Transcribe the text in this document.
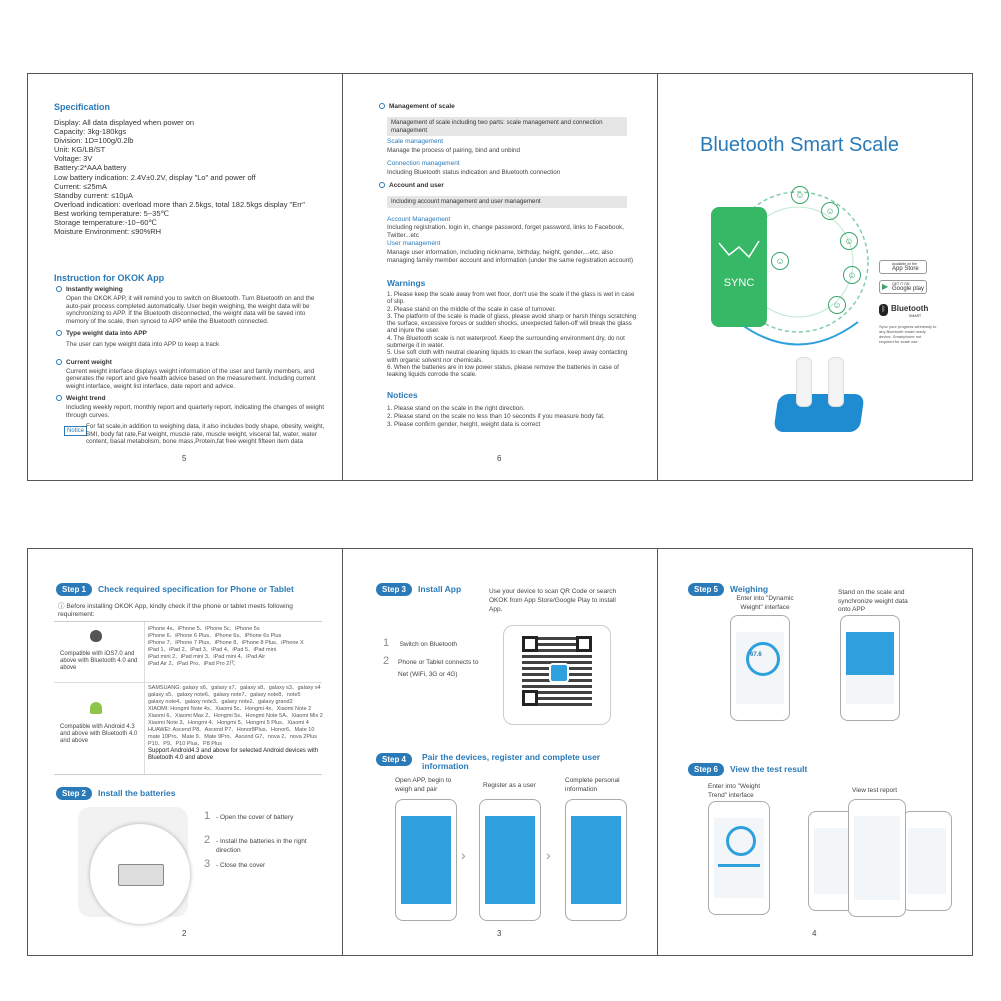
Specification
Display: All data displayed when power on
Capacity: 3kg-180kgs
Division: 1D=100g/0.2lb
Unit: KG/LB/ST
Voltage: 3V
Battery:2*AAA battery
Low battery indication: 2.4V±0.2V, display "Lo" and power off
Current: ≤25mA
Standby current: ≤10μA
Overload indication: overload more than 2.5kgs, total 182.5kgs display "Err"
Best working temperature: 5~35℃
Storage temperature:-10~60℃
Moisture Environment: ≤90%RH
Instruction for OKOK App
Instantly weighing
Open the OKOK APP, it will remind you to switch on Bluetooth. Turn Bluetooth on and the auto-pair process completed automatically. User begin weighing, the weight data will be synchronizing to APP. If the Bluetooth disconnected, the weight data will be saved into memory of the scale, then synced to APP while the Bluetooth connected.
Type weight data into APP
The user can type weight data into APP to keep a track
Current weight
Current weight interface displays weight information of the user and family members, and generates the report and give health advice based on the measurement. Including current weight interface, weight list interface, date report and advice.
Weight trend
Including weekly report, monthly report and quarterly report, indicating the changes of weight through curves.
Notice
For fat scale,in addition to weighing data, it also includes body shape, obesity, weight, BMI, body fat rate,Fat weight, muscle rate, muscle weight, visceral fat, water, water content, basal metabolism, bone mass,Protein,fat free weight fifteen item data
5
Management of scale
Management of scale including two parts: scale management and connection management
Scale management
Manage the process of pairing, bind and unbind
Connection management
Including Bluetooth status indication and Bluetooth connection
Account and user
Including account management and user management
Account Management
Including registration, login in, change password, forget password, links to Facebook, Twitter...etc
User management
Manage user information, including nickname, birthday, height, gender....etc, also managing family member account and information (under the same registration account)
Warnings
1. Please keep the scale away from wet floor, don't use the scale if the glass is wet in case of slip.
2. Please stand on the middle of the scale in case of turnover.
3. The platform of the scale is made of glass, please avoid sharp or harsh things scratching the surface, excessive forces or sudden shocks, unexpected fallen-off will break the glass and injure the user.
4. The Bluetooth scale is not waterproof. Keep the surrounding environment dry, do not submerge it in water.
5. Use soft cloth with neutral cleaning liquids to clean the surface, keep away contacting with organic solvent nor chemicals.
6. When the batteries are in low power status, please remove the batteries in case of leaking liquids corrode the scale.
Notices
1. Please stand on the scale in the right direction.
2. Please stand on the scale no less than 10 seconds if you measure body fat.
3. Please confirm gender, height, weight data is correct
6
Bluetooth Smart Scale
☺
☺
☺
☺
☺
☺
SYNC
Available on the
App Store
▶ GET IT ON
Google play
ᛒ Bluetooth
SMART
Sync your progress wirelessly to any Bluetooth smart ready device. Smartphone not required for scale use.
Step 1 Check required specification for Phone or Tablet
ⓘ Before installing OKOK App, kindly check if the phone or tablet meets following requirement:
Compatible with iOS7.0 and above with Bluetooth 4.0 and above
iPhone 4s、iPhone 5、iPhone 5c、iPhone 5s
iPhone 6、iPhone 6 Plus、iPhone 6s、iPhone 6s Plus
iPhone 7、iPhone 7 Plus、iPhone 8、iPhone 8 Plus、iPhone X
iPad 1、iPad 2、iPad 3、iPad 4、iPad 5、iPad mini
iPad mini 2、iPad mini 3、iPad mini 4、iPad Air
iPad Air 2、iPad Pro、iPad Pro 2代
Compatible with Android 4.3 and above with Bluetooth 4.0 and above
SAMSUANG: galaxy s6、galaxy s7、galaxy s8、galaxy s3、galaxy s4
galaxy s5、galaxy note6、galaxy note7、galaxy note8、note5
galaxy note4、galaxy note3、galaxy note2、galaxy grand2
XIAOMI: Hongmi Note 4x、Xiaomi 5c、Hongmi 4x、Xiaomi Note 2
Xiaomi 6、Xiaomi Max 2、Hongmi 5s、Hongmi Note 5A、Xiaomi Mix 2
Xiaomi Note 3、Hongmi 4、Hongmi 5、Hongmi 5 Plus、Xiaomi 4
HUAWEI: Ascend P8、Ascend P7、Honor8Plus、Honor6、Mate 10
mate 10Pro、Mate 9、Mate 9Pro、Ascend G7、nova 2、nova 2Plus
P10、P9、P10 Plus、P8 Plus
Support Android4.3 and above for selected Android devices with Bluetooth 4.0 and above
Step 2 Install the batteries
1 - Open the cover of battery
2 - Install the batteries in the right direction
3 - Close the cover
2
Step 3 Install App	Use your device to scan QR Code or search OKOK from App Store/Google Play to install App.
1 Switch on Bluetooth
2 Phone or Tablet connects to Net (WiFi, 3G or 4G)
Step 4	Pair the devices, register and complete user information
Open APP, begin to weigh and pair	Register as a user
Complete personal information
›	›
3
Step 5 Weighing
Enter into "Dynamic Weight" interface
Stand on the scale and synchronize weight data onto APP
67.6
Step 6 View the test result
Enter into "Weight Trend" interface
View test report
4
